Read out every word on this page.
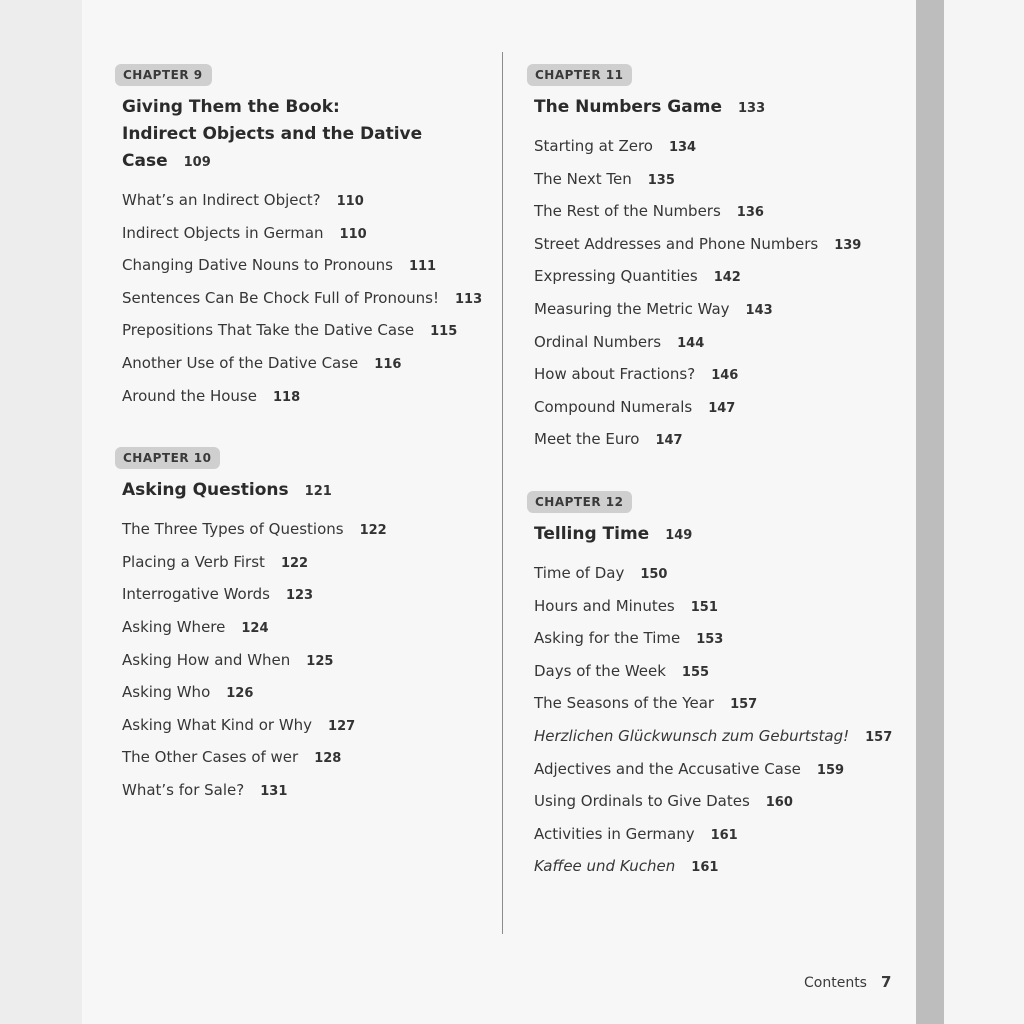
CHAPTER 9
Giving Them the Book:
Indirect Objects and the Dative Case 109
What’s an Indirect Object? 110
Indirect Objects in German 110
Changing Dative Nouns to Pronouns 111
Sentences Can Be Chock Full of Pronouns! 113
Prepositions That Take the Dative Case 115
Another Use of the Dative Case 116
Around the House 118
CHAPTER 10
Asking Questions 121
The Three Types of Questions 122
Placing a Verb First 122
Interrogative Words 123
Asking Where 124
Asking How and When 125
Asking Who 126
Asking What Kind or Why 127
The Other Cases of wer 128
What’s for Sale? 131
CHAPTER 11
The Numbers Game 133
Starting at Zero 134
The Next Ten 135
The Rest of the Numbers 136
Street Addresses and Phone Numbers 139
Expressing Quantities 142
Measuring the Metric Way 143
Ordinal Numbers 144
How about Fractions? 146
Compound Numerals 147
Meet the Euro 147
CHAPTER 12
Telling Time 149
Time of Day 150
Hours and Minutes 151
Asking for the Time 153
Days of the Week 155
The Seasons of the Year 157
Herzlichen Glückwunsch zum Geburtstag! 157
Adjectives and the Accusative Case 159
Using Ordinals to Give Dates 160
Activities in Germany 161
Kaffee und Kuchen 161
Contents 7
